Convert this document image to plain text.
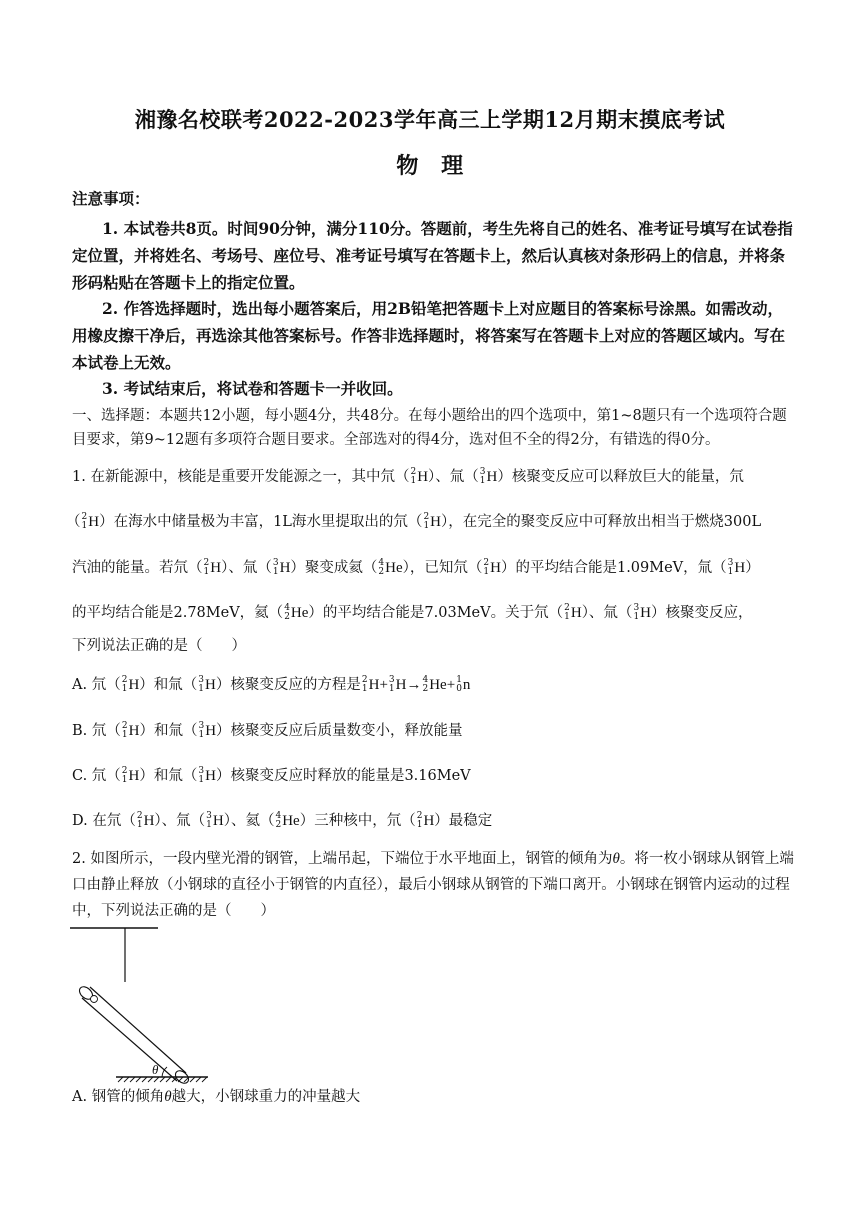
湘豫名校联考2022-2023学年高三上学期12月期末摸底考试
物 理
注意事项：
1. 本试卷共8页。时间90分钟，满分110分。答题前，考生先将自己的姓名、准考证号填写在试卷指定位置，并将姓名、考场号、座位号、准考证号填写在答题卡上，然后认真核对条形码上的信息，并将条形码粘贴在答题卡上的指定位置。
2. 作答选择题时，选出每小题答案后，用2B铅笔把答题卡上对应题目的答案标号涂黑。如需改动，用橡皮擦干净后，再选涂其他答案标号。作答非选择题时，将答案写在答题卡上对应的答题区域内。写在本试卷上无效。
3. 考试结束后，将试卷和答题卡一并收回。
一、选择题：本题共12小题，每小题4分，共48分。在每小题给出的四个选项中，第1~8题只有一个选项符合题目要求，第9~12题有多项符合题目要求。全部选对的得4分，选对但不全的得2分，有错选的得0分。
1. 在新能源中，核能是重要开发能源之一，其中氘（ 2
1 H）、氚（ 3
1 H）核聚变反应可以释放巨大的能量，氘
（ 2
1 H）在海水中储量极为丰富，1L海水里提取出的氘（ 2
1 H），在完全的聚变反应中可释放出相当于燃烧300L
汽油的能量。若氘（ 2
1 H）、氚（ 3
1 H）聚变成氦（ 4
2 He），已知氘（ 2
1 H）的平均结合能是1.09MeV，氚（ 3
1 H）
的平均结合能是2.78MeV，氦（ 4
2 He）的平均结合能是7.03MeV。关于氘（ 2
1 H）、氚（ 3
1 H）核聚变反应，
下列说法正确的是（　　）
A. 氘（ 2
1 H）和氚（ 3
1 H）核聚变反应的方程是 2
1 H+ 3
1 H→ 4
2 He+ 1
0 n
B. 氘（ 2
1 H）和氚（ 3
1 H）核聚变反应后质量数变小，释放能量
C. 氘（ 2
1 H）和氚（ 3
1 H）核聚变反应时释放的能量是3.16MeV
D. 在氘（ 2
1 H）、氚（ 3
1 H）、氦（ 4
2 He）三种核中，氘（ 2
1 H）最稳定
2. 如图所示，一段内壁光滑的钢管，上端吊起，下端位于水平地面上，钢管的倾角为θ。将一枚小钢球从钢管上端口由静止释放（小钢球的直径小于钢管的内直径），最后小钢球从钢管的下端口离开。小钢球在钢管内运动的过程中，下列说法正确的是（　　）
θ
A. 钢管的倾角θ越大，小钢球重力的冲量越大
